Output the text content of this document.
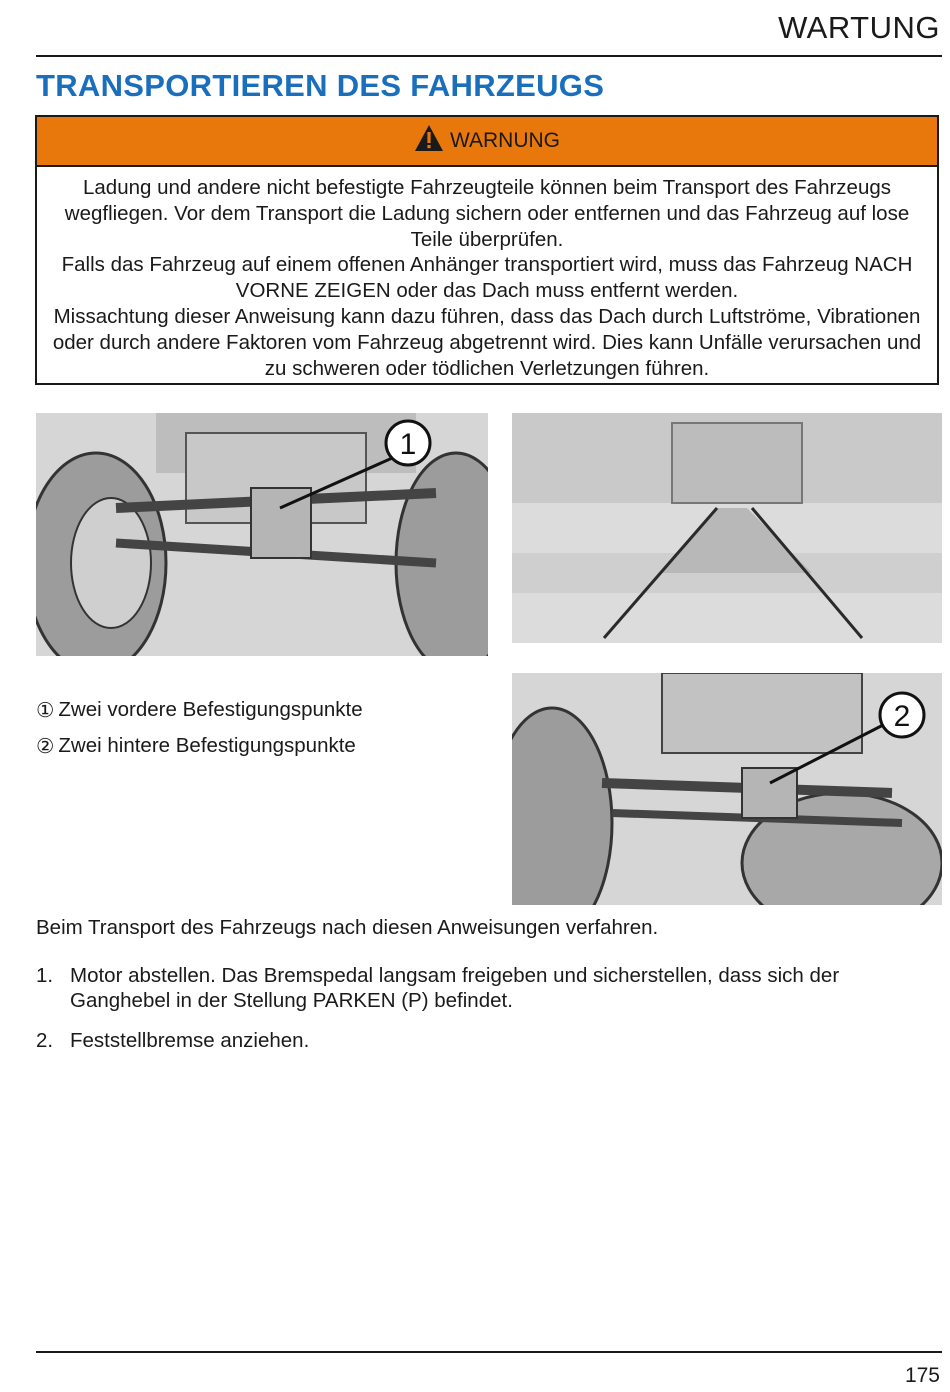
WARTUNG
TRANSPORTIEREN DES FAHRZEUGS
WARNUNG

Ladung und andere nicht befestigte Fahrzeugteile können beim Transport des Fahrzeugs wegfliegen. Vor dem Transport die Ladung sichern oder entfernen und das Fahrzeug auf lose Teile überprüfen.

Falls das Fahrzeug auf einem offenen Anhänger transportiert wird, muss das Fahrzeug NACH VORNE ZEIGEN oder das Dach muss entfernt werden.

Missachtung dieser Anweisung kann dazu führen, dass das Dach durch Luftströme, Vibrationen oder durch andere Faktoren vom Fahrzeug abgetrennt wird. Dies kann Unfälle verursachen und zu schweren oder tödlichen Verletzungen führen.

1
2
① Zwei vordere Befestigungspunkte
② Zwei hintere Befestigungspunkte
Beim Transport des Fahrzeugs nach diesen Anweisungen verfahren.
1. Motor abstellen. Das Bremspedal langsam freigeben und sicherstellen, dass sich der Ganghebel in der Stellung PARKEN (P) befindet.
2. Feststellbremse anziehen.
175
